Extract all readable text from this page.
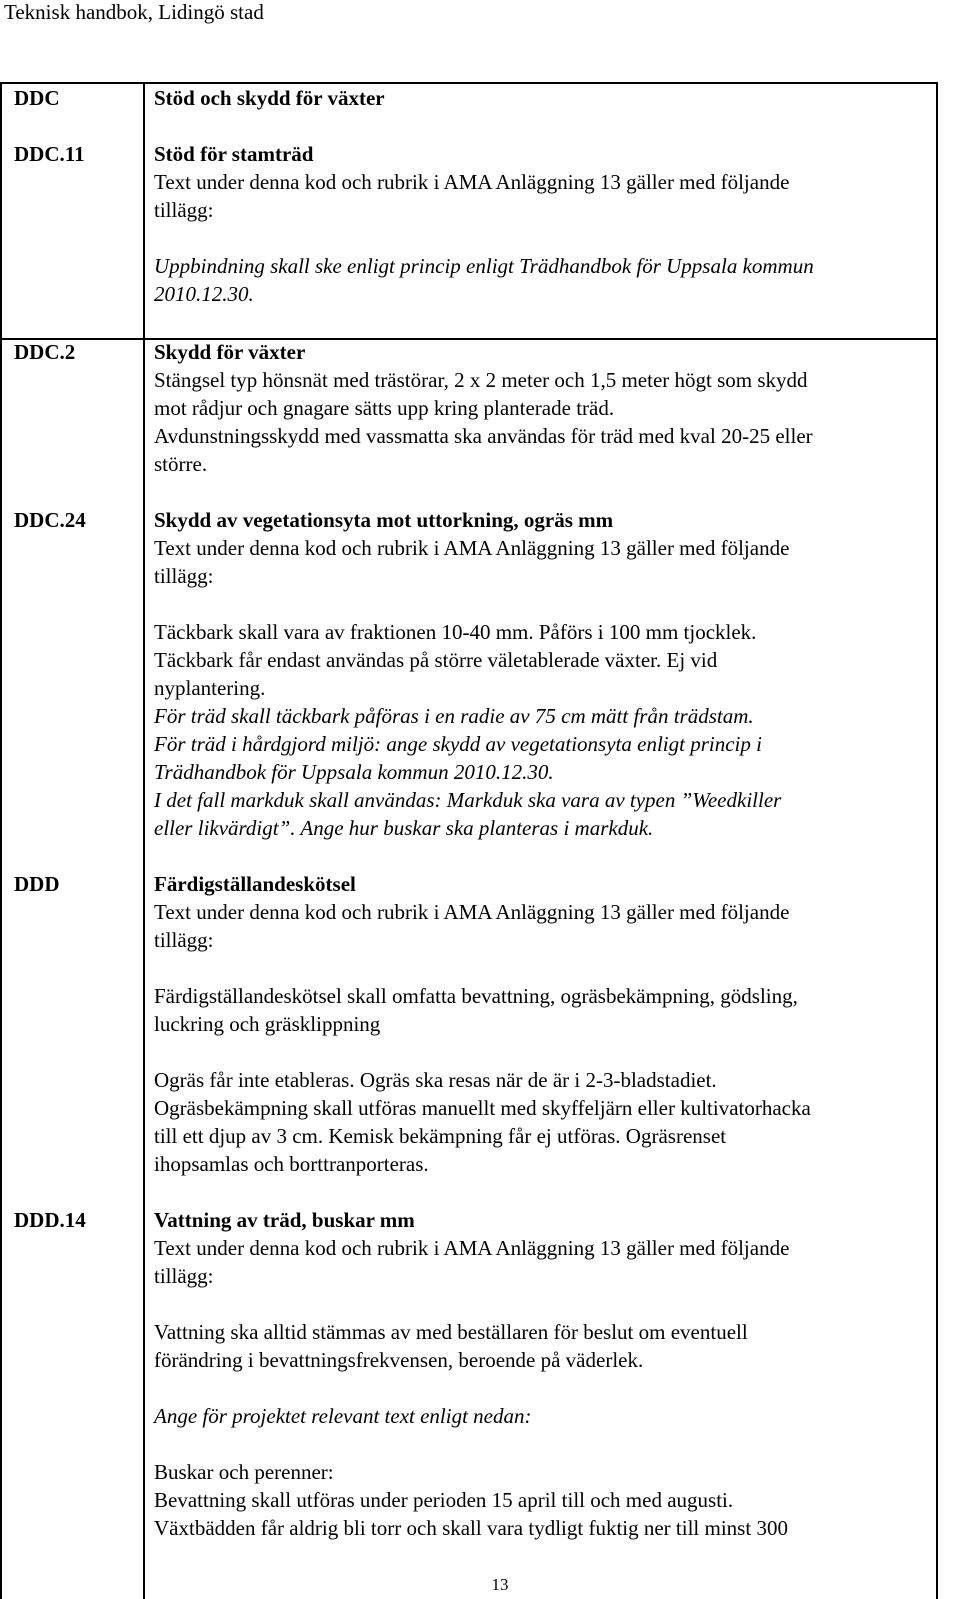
Teknisk handbok, Lidingö stad
DDC	Stöd och skydd för växter
DDC.11	Stöd för stamträd
Text under denna kod och rubrik i AMA Anläggning 13 gäller med följande
tillägg:
Uppbindning skall ske enligt princip enligt Trädhandbok för Uppsala kommun
2010.12.30.
DDC.2	Skydd för växter
Stängsel typ hönsnät med trästörar, 2 x 2 meter och 1,5 meter högt som skydd
mot rådjur och gnagare sätts upp kring planterade träd.
Avdunstningsskydd med vassmatta ska användas för träd med kval 20-25 eller
större.
DDC.24	Skydd av vegetationsyta mot uttorkning, ogräs mm
Text under denna kod och rubrik i AMA Anläggning 13 gäller med följande
tillägg:
Täckbark skall vara av fraktionen 10-40 mm. Påförs i 100 mm tjocklek.
Täckbark får endast användas på större väletablerade växter. Ej vid
nyplantering.
För träd skall täckbark påföras i en radie av 75 cm mätt från trädstam.
För träd i hårdgjord miljö: ange skydd av vegetationsyta enligt princip i
Trädhandbok för Uppsala kommun 2010.12.30.
I det fall markduk skall användas: Markduk ska vara av typen ”Weedkiller
eller likvärdigt”. Ange hur buskar ska planteras i markduk.
DDD	Färdigställandeskötsel
Text under denna kod och rubrik i AMA Anläggning 13 gäller med följande
tillägg:
Färdigställandeskötsel skall omfatta bevattning, ogräsbekämpning, gödsling,
luckring och gräsklippning
Ogräs får inte etableras. Ogräs ska resas när de är i 2-3-bladstadiet.
Ogräsbekämpning skall utföras manuellt med skyffeljärn eller kultivatorhacka
till ett djup av 3 cm. Kemisk bekämpning får ej utföras. Ogräsrenset
ihopsamlas och borttranporteras.
DDD.14	Vattning av träd, buskar mm
Text under denna kod och rubrik i AMA Anläggning 13 gäller med följande
tillägg:
Vattning ska alltid stämmas av med beställaren för beslut om eventuell
förändring i bevattningsfrekvensen, beroende på väderlek.
Ange för projektet relevant text enligt nedan:
Buskar och perenner:
Bevattning skall utföras under perioden 15 april till och med augusti.
Växtbädden får aldrig bli torr och skall vara tydligt fuktig ner till minst 300
13
